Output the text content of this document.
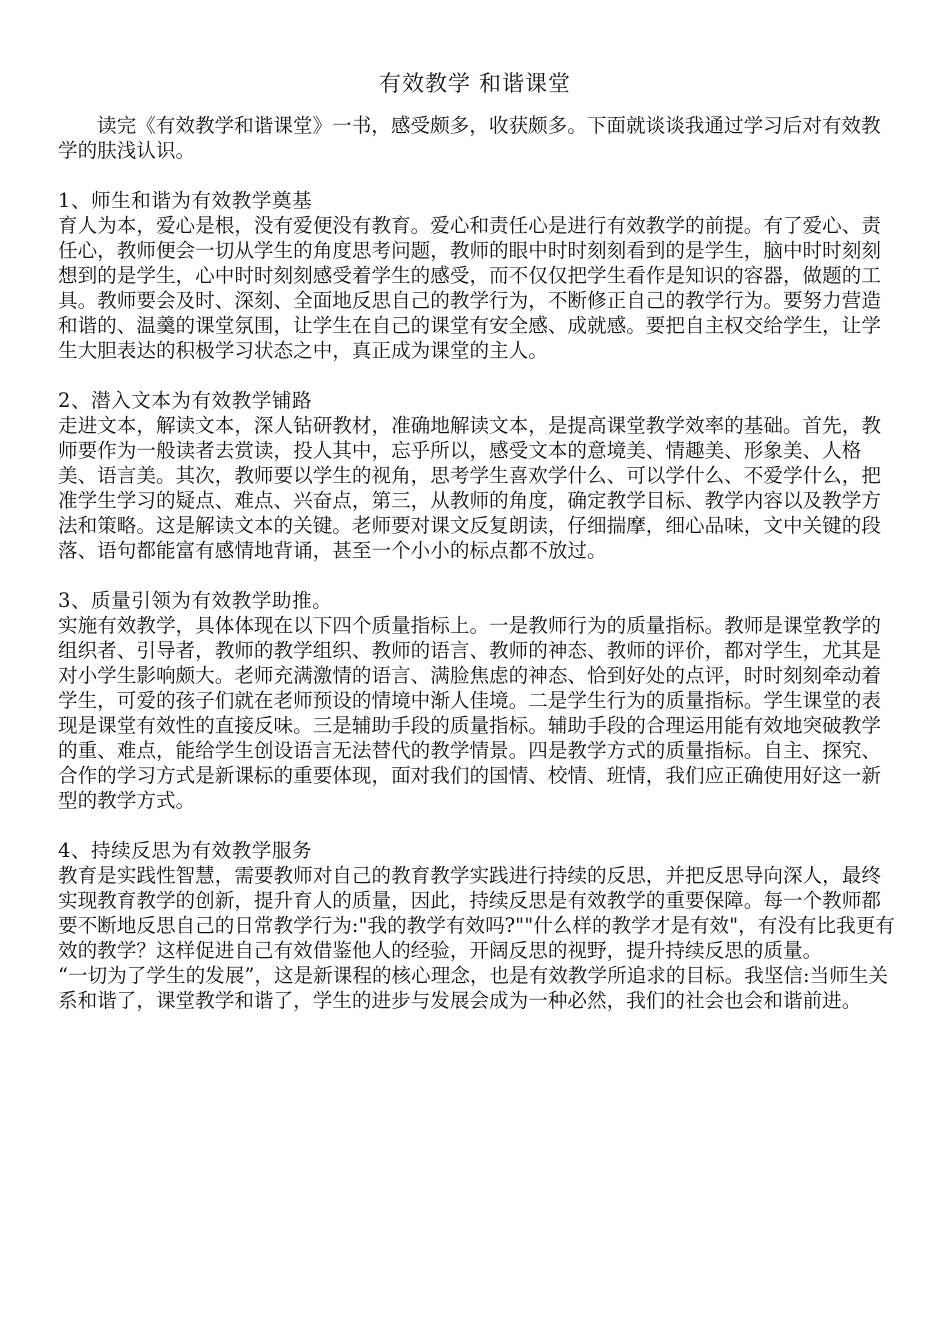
有效教学 和谐课堂

读完《有效教学和谐课堂》一书，感受颇多，收获颇多。下面就谈谈我通过学习后对有效教学的肤浅认识。

1、师生和谐为有效教学奠基

育人为本，爱心是根，没有爱便没有教育。爱心和责任心是进行有效教学的前提。有了爱心、责任心，教师便会一切从学生的角度思考问题，教师的眼中时时刻刻看到的是学生，脑中时时刻刻想到的是学生，心中时时刻刻感受着学生的感受，而不仅仅把学生看作是知识的容器，做题的工具。教师要会及时、深刻、全面地反思自己的教学行为，不断修正自己的教学行为。要努力营造和谐的、温羹的课堂氛围，让学生在自己的课堂有安全感、成就感。要把自主权交给学生，让学生大胆表达的积极学习状态之中，真正成为课堂的主人。

2、潜入文本为有效教学铺路

走进文本，解读文本，深人钻研教材，准确地解读文本，是提高课堂教学效率的基础。首先，教师要作为一般读者去赏读，投人其中，忘乎所以，感受文本的意境美、情趣美、形象美、人格美、语言美。其次，教师要以学生的视角，思考学生喜欢学什么、可以学什么、不爱学什么，把准学生学习的疑点、难点、兴奋点，第三，从教师的角度，确定教学目标、教学内容以及教学方法和策略。这是解读文本的关键。老师要对课文反复朗读，仔细揣摩，细心品味，文中关键的段落、语句都能富有感情地背诵，甚至一个小小的标点都不放过。

3、质量引领为有效教学助推。

实施有效教学，具体体现在以下四个质量指标上。一是教师行为的质量指标。教师是课堂教学的组织者、引导者，教师的教学组织、教师的语言、教师的神态、教师的评价，都对学生，尤其是对小学生影响颇大。老师充满激情的语言、满脸焦虑的神态、恰到好处的点评，时时刻刻牵动着学生，可爱的孩子们就在老师预设的情境中渐人佳境。二是学生行为的质量指标。学生课堂的表现是课堂有效性的直接反味。三是辅助手段的质量指标。辅助手段的合理运用能有效地突破教学的重、难点，能给学生创设语言无法替代的教学情景。四是教学方式的质量指标。自主、探究、合作的学习方式是新课标的重要体现，面对我们的国情、校情、班情，我们应正确使用好这一新型的教学方式。

4、持续反思为有效教学服务

教育是实践性智慧，需要教师对自己的教育教学实践进行持续的反思，并把反思导向深人，最终实现教育教学的创新，提升育人的质量，因此，持续反思是有效教学的重要保障。每一个教师都要不断地反思自己的日常教学行为:"我的教学有效吗?""什么样的教学才是有效"，有没有比我更有效的教学？这样促进自己有效借鉴他人的经验，开阔反思的视野，提升持续反思的质量。

“一切为了学生的发展”，这是新课程的核心理念，也是有效教学所追求的目标。我坚信:当师生关系和谐了，课堂教学和谐了，学生的进步与发展会成为一种必然，我们的社会也会和谐前进。
